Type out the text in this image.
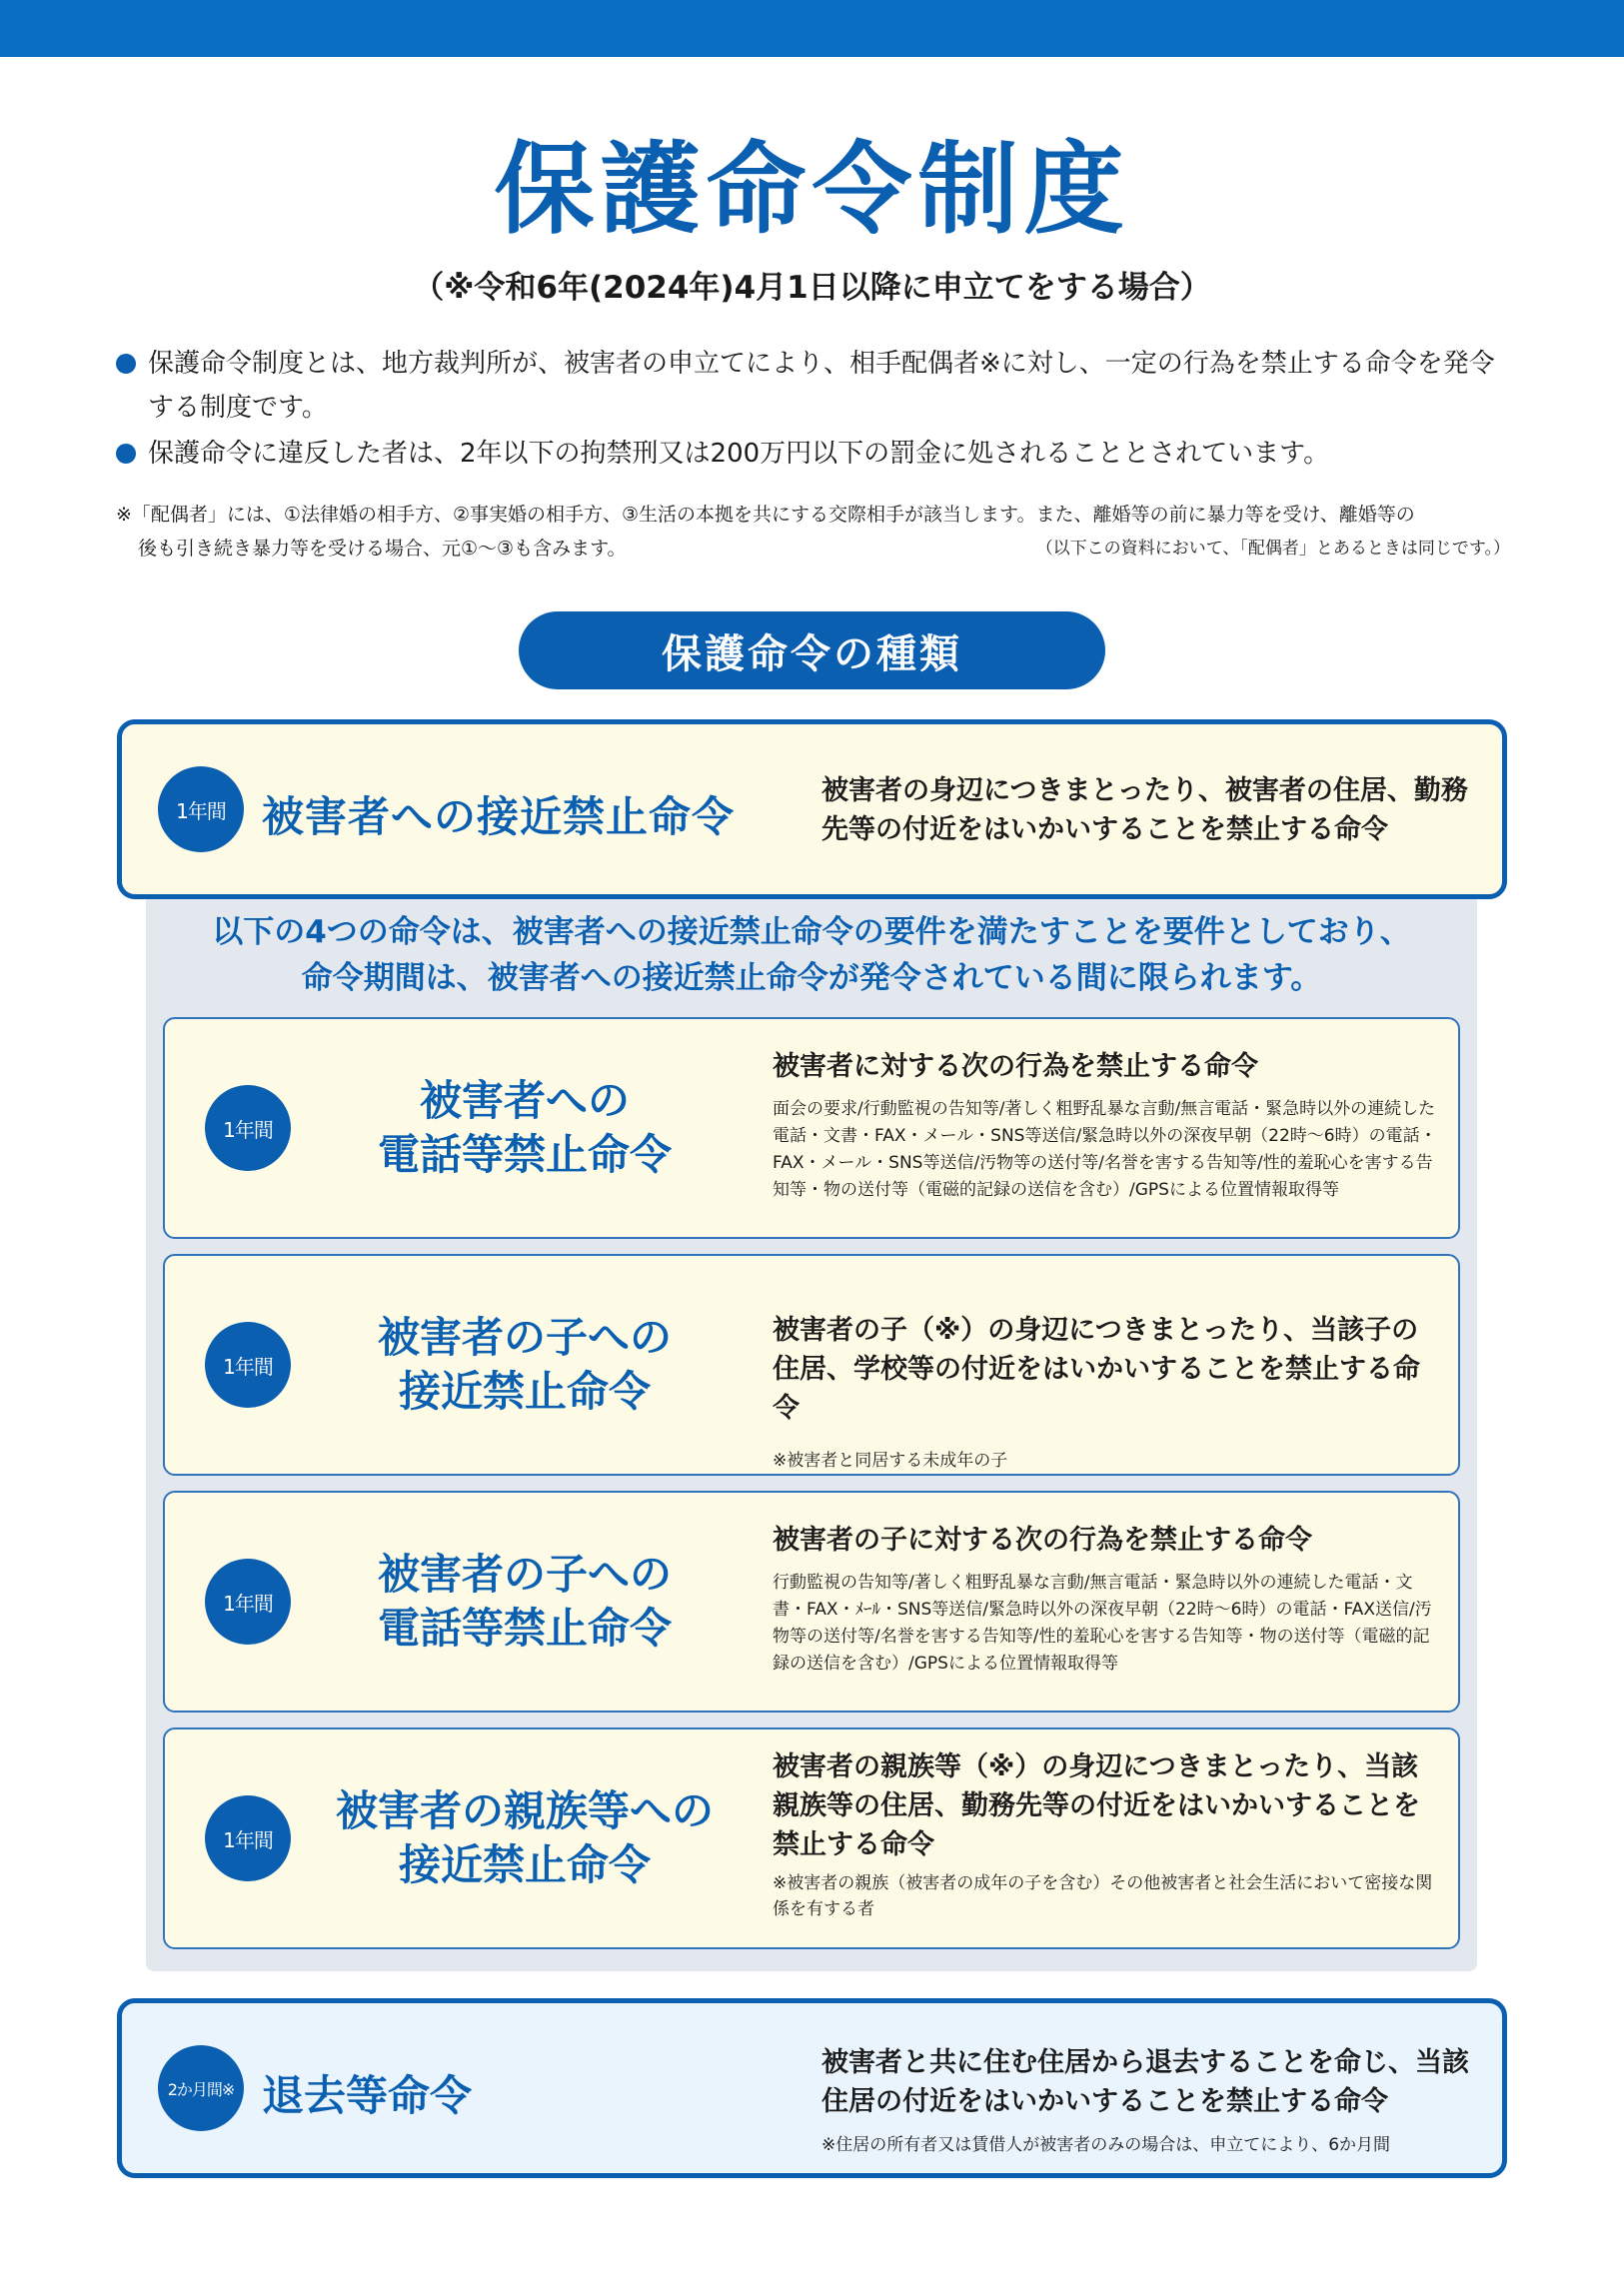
保護命令制度
（※令和6年(2024年)4月1日以降に申立てをする場合）
保護命令制度とは、地方裁判所が、被害者の申立てにより、相手配偶者※に対し、一定の行為を禁止する命令を発令する制度です。
保護命令に違反した者は、2年以下の拘禁刑又は200万円以下の罰金に処されることとされています。
※「配偶者」には、①法律婚の相手方、②事実婚の相手方、③生活の本拠を共にする交際相手が該当します。また、離婚等の前に暴力等を受け、離婚等の
後も引き続き暴力等を受ける場合、元①〜③も含みます。	（以下この資料において、「配偶者」とあるときは同じです。）
保護命令の種類
1年間 被害者への接近禁止命令
被害者の身辺につきまとったり、被害者の住居、勤務先等の付近をはいかいすることを禁止する命令
以下の4つの命令は、被害者への接近禁止命令の要件を満たすことを要件としており、
命令期間は、被害者への接近禁止命令が発令されている間に限られます。
1年間
被害者への
電話等禁止命令
被害者に対する次の行為を禁止する命令
面会の要求/行動監視の告知等/著しく粗野乱暴な言動/無言電話・緊急時以外の連続した電話・文書・FAX・メール・SNS等送信/緊急時以外の深夜早朝（22時〜6時）の電話・FAX・メール・SNS等送信/汚物等の送付等/名誉を害する告知等/性的羞恥心を害する告知等・物の送付等（電磁的記録の送信を含む）/GPSによる位置情報取得等
1年間
被害者の子への
接近禁止命令
被害者の子（※）の身辺につきまとったり、当該子の住居、学校等の付近をはいかいすることを禁止する命令
※被害者と同居する未成年の子
1年間
被害者の子への
電話等禁止命令
被害者の子に対する次の行為を禁止する命令
行動監視の告知等/著しく粗野乱暴な言動/無言電話・緊急時以外の連続した電話・文書・FAX・ﾒｰﾙ・SNS等送信/緊急時以外の深夜早朝（22時〜6時）の電話・FAX送信/汚物等の送付等/名誉を害する告知等/性的羞恥心を害する告知等・物の送付等（電磁的記録の送信を含む）/GPSによる位置情報取得等
1年間
被害者の親族等への
接近禁止命令
被害者の親族等（※）の身辺につきまとったり、当該親族等の住居、勤務先等の付近をはいかいすることを禁止する命令
※被害者の親族（被害者の成年の子を含む）その他被害者と社会生活において密接な関係を有する者
2か月間※ 退去等命令
被害者と共に住む住居から退去することを命じ、当該住居の付近をはいかいすることを禁止する命令
※住居の所有者又は賃借人が被害者のみの場合は、申立てにより、6か月間
